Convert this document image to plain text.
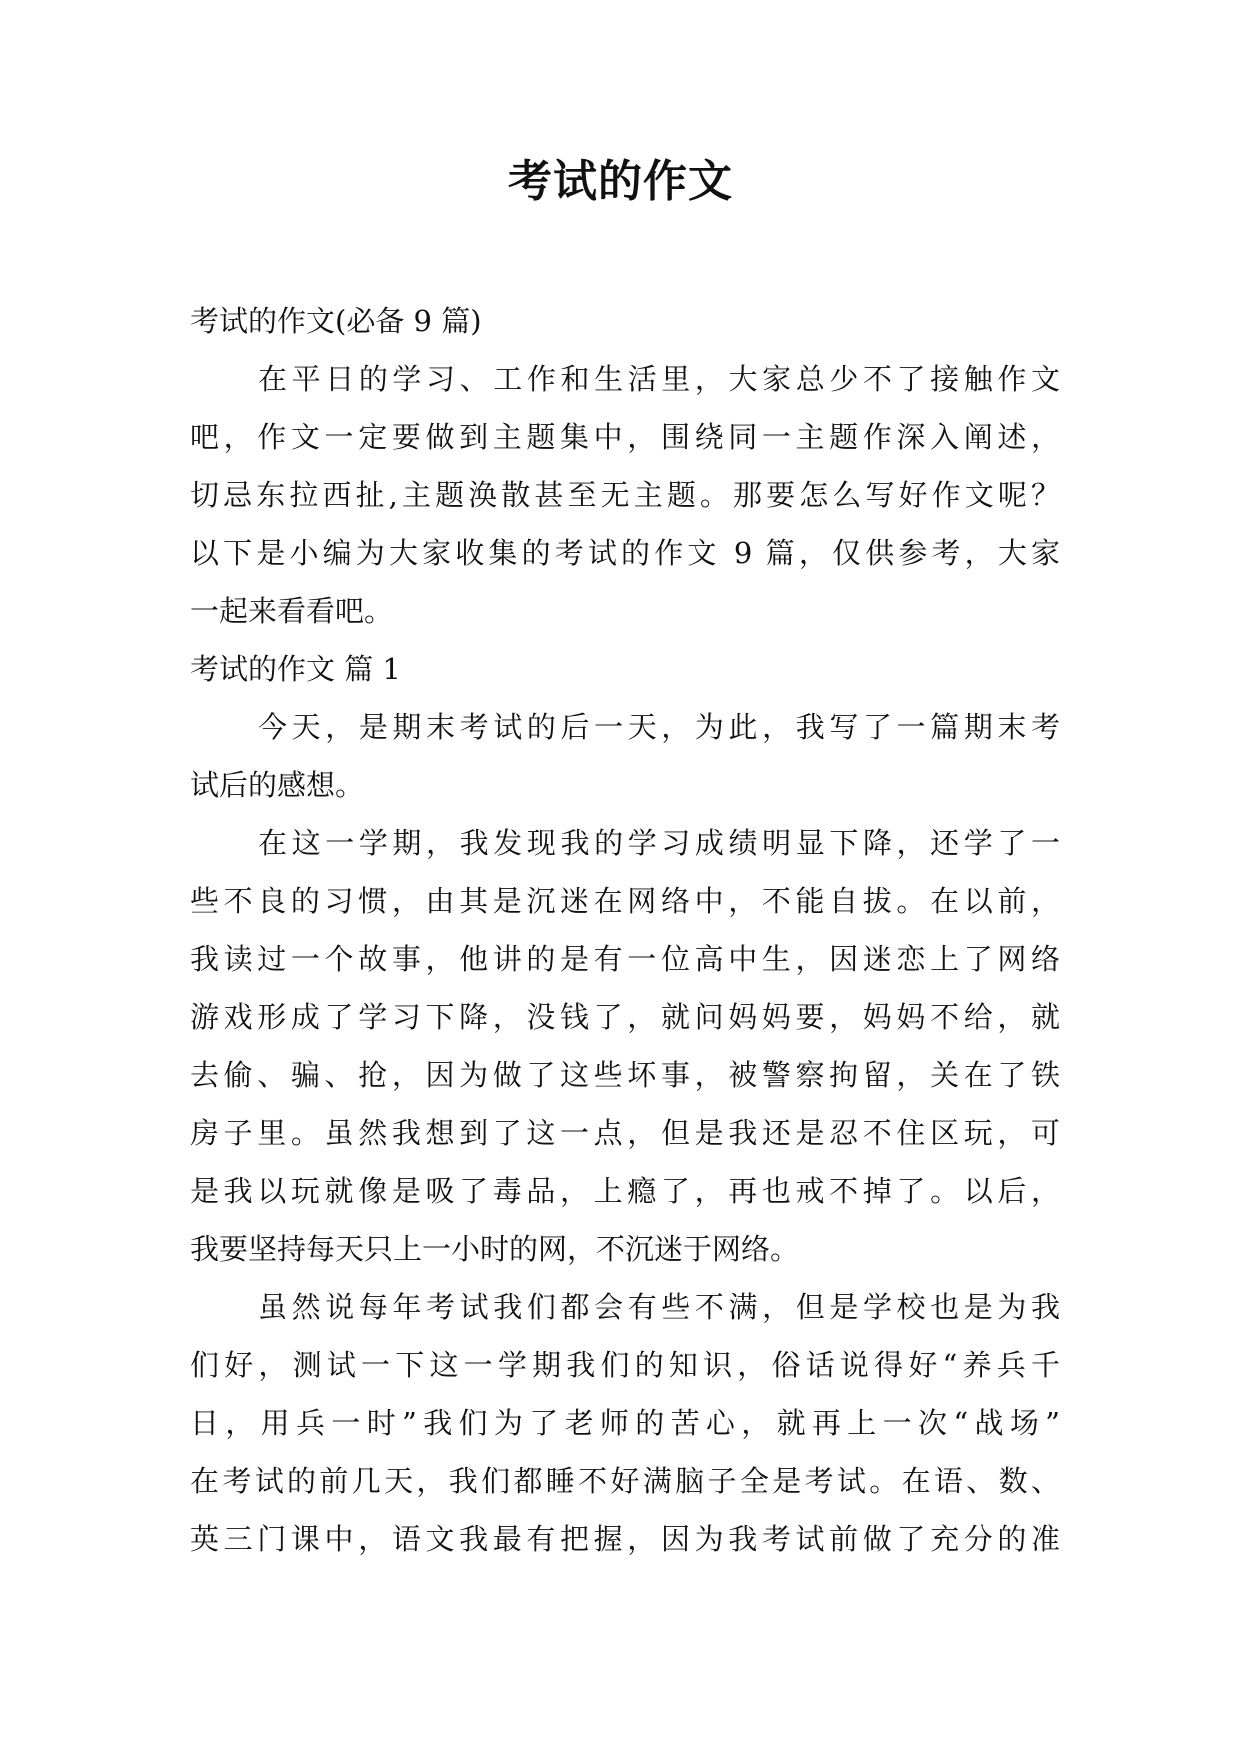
考试的作文
考试的作文(必备 9 篇)
在平日的学习、工作和生活里，大家总少不了接触作文
吧，作文一定要做到主题集中，围绕同一主题作深入阐述，
切忌东拉西扯,主题涣散甚至无主题。那要怎么写好作文呢？
以下是小编为大家收集的考试的作文 9 篇，仅供参考，大家
一起来看看吧。
考试的作文 篇 1
今天，是期末考试的后一天，为此，我写了一篇期末考
试后的感想。
在这一学期，我发现我的学习成绩明显下降，还学了一
些不良的习惯，由其是沉迷在网络中，不能自拔。在以前，
我读过一个故事，他讲的是有一位高中生，因迷恋上了网络
游戏形成了学习下降，没钱了，就问妈妈要，妈妈不给，就
去偷、骗、抢，因为做了这些坏事，被警察拘留，关在了铁
房子里。虽然我想到了这一点，但是我还是忍不住区玩，可
是我以玩就像是吸了毒品，上瘾了，再也戒不掉了。以后，
我要坚持每天只上一小时的网，不沉迷于网络。
虽然说每年考试我们都会有些不满，但是学校也是为我
们好，测试一下这一学期我们的知识，俗话说得好“养兵千
日，用兵一时”我们为了老师的苦心，就再上一次“战场”
在考试的前几天，我们都睡不好满脑子全是考试。在语、数、
英三门课中，语文我最有把握，因为我考试前做了充分的准
